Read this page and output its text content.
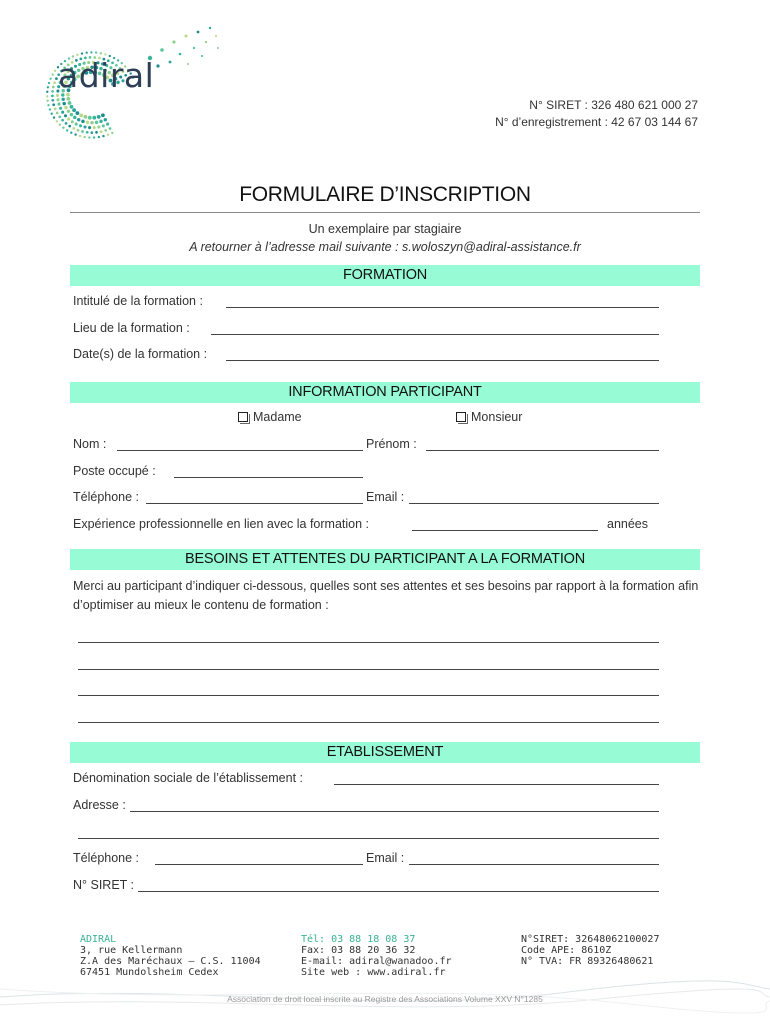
adiral
N° SIRET : 326 480 621 000 27
N° d’enregistrement : 42 67 03 144 67
FORMULAIRE D’INSCRIPTION
Un exemplaire par stagiaire
A retourner à l’adresse mail suivante : s.woloszyn@adiral-assistance.fr
FORMATION
Intitulé de la formation :
Lieu de la formation :
Date(s) de la formation :
INFORMATION PARTICIPANT
Madame	Monsieur
Nom :	Prénom :
Poste occupé :
Téléphone :	Email :
Expérience professionnelle en lien avec la formation :	années
BESOINS ET ATTENTES DU PARTICIPANT A LA FORMATION
Merci au participant d’indiquer ci-dessous, quelles sont ses attentes et ses besoins par rapport à la formation afin d’optimiser au mieux le contenu de formation :
ETABLISSEMENT
Dénomination sociale de l’établissement :
Adresse :
Téléphone :	Email :
N° SIRET :
ADIRAL
3, rue Kellermann
Z.A des Maréchaux – C.S. 11004
67451 Mundolsheim Cedex
Tél: 03 88 18 08 37
Fax: 03 88 20 36 32
E-mail: adiral@wanadoo.fr
Site web : www.adiral.fr
N°SIRET: 32648062100027
Code APE: 8610Z
N° TVA: FR 89326480621
Association de droit local inscrite au Registre des Associations Volume XXV N°1285
